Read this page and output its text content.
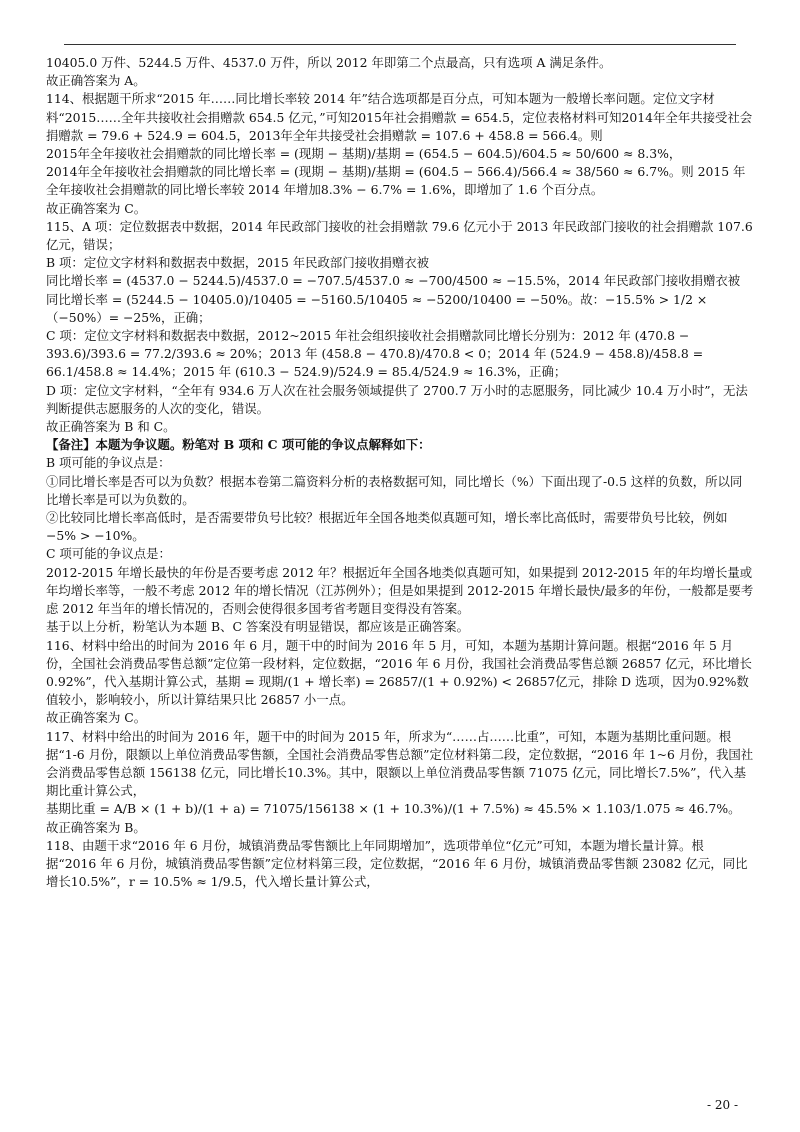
10405.0 万件、5244.5 万件、4537.0 万件，所以 2012 年即第二个点最高，只有选项 A 满足条件。

故正确答案为 A。

114、根据题干所求“2015 年……同比增长率较 2014 年”结合选项都是百分点，可知本题为一般增长率问题。定位文字材料“2015……全年共接收社会捐赠款 654.5 亿元，”可知2015年社会捐赠款 = 654.5，定位表格材料可知2014年全年共接受社会捐赠款 = 79.6 + 524.9 = 604.5，2013年全年共接受社会捐赠款 = 107.6 + 458.8 = 566.4。则

2015年全年接收社会捐赠款的同比增长率 = (现期 − 基期)/基期 = (654.5 − 604.5)/604.5 ≈ 50/600 ≈ 8.3%，

2014年全年接收社会捐赠款的同比增长率 = (现期 − 基期)/基期 = (604.5 − 566.4)/566.4 ≈ 38/560 ≈ 6.7%。则 2015 年全年接收社会捐赠款的同比增长率较 2014 年增加8.3% − 6.7% = 1.6%，即增加了 1.6 个百分点。

故正确答案为 C。

115、A 项：定位数据表中数据，2014 年民政部门接收的社会捐赠款 79.6 亿元小于 2013 年民政部门接收的社会捐赠款 107.6 亿元，错误；

B 项：定位文字材料和数据表中数据，2015 年民政部门接收捐赠衣被

同比增长率 = (4537.0 − 5244.5)/4537.0 = −707.5/4537.0 ≈ −700/4500 ≈ −15.5%，2014 年民政部门接收捐赠衣被

同比增长率 = (5244.5 − 10405.0)/10405 = −5160.5/10405 ≈ −5200/10400 = −50%。故：−15.5% > 1/2 ×（−50%）= −25%，正确；

C 项：定位文字材料和数据表中数据，2012~2015 年社会组织接收社会捐赠款同比增长分别为：2012 年 (470.8 − 393.6)/393.6 = 77.2/393.6 ≈ 20%；2013 年 (458.8 − 470.8)/470.8 < 0；2014 年 (524.9 − 458.8)/458.8 = 66.1/458.8 ≈ 14.4%；2015 年 (610.3 − 524.9)/524.9 = 85.4/524.9 ≈ 16.3%，正确；

D 项：定位文字材料，“全年有 934.6 万人次在社会服务领域提供了 2700.7 万小时的志愿服务，同比减少 10.4 万小时”，无法判断提供志愿服务的人次的变化，错误。

故正确答案为 B 和 C。

【备注】本题为争议题。粉笔对 B 项和 C 项可能的争议点解释如下：

B 项可能的争议点是：

①同比增长率是否可以为负数？根据本卷第二篇资料分析的表格数据可知，同比增长（%）下面出现了-0.5 这样的负数，所以同比增长率是可以为负数的。

②比较同比增长率高低时，是否需要带负号比较？根据近年全国各地类似真题可知，增长率比高低时，需要带负号比较，例如−5% > −10%。

C 项可能的争议点是：

2012-2015 年增长最快的年份是否要考虑 2012 年？根据近年全国各地类似真题可知，如果提到 2012-2015 年的年均增长量或年均增长率等，一般不考虑 2012 年的增长情况（江苏例外）；但是如果提到 2012-2015 年增长最快/最多的年份，一般都是要考虑 2012 年当年的增长情况的，否则会使得很多国考省考题目变得没有答案。

基于以上分析，粉笔认为本题 B、C 答案没有明显错误，都应该是正确答案。

116、材料中给出的时间为 2016 年 6 月，题干中的时间为 2016 年 5 月，可知，本题为基期计算问题。根据“2016 年 5 月份，全国社会消费品零售总额”定位第一段材料，定位数据，“2016 年 6 月份，我国社会消费品零售总额 26857 亿元，环比增长0.92%”，代入基期计算公式，基期 = 现期/(1 + 增长率) = 26857/(1 + 0.92%) < 26857亿元，排除 D 选项，因为0.92%数值较小，影响较小，所以计算结果只比 26857 小一点。

故正确答案为 C。

117、材料中给出的时间为 2016 年，题干中的时间为 2015 年，所求为“……占……比重”，可知，本题为基期比重问题。根据“1-6 月份，限额以上单位消费品零售额，全国社会消费品零售总额”定位材料第二段，定位数据，“2016 年 1~6 月份，我国社会消费品零售总额 156138 亿元，同比增长10.3%。其中，限额以上单位消费品零售额 71075 亿元，同比增长7.5%”，代入基期比重计算公式，

基期比重 = A/B × (1 + b)/(1 + a) = 71075/156138 × (1 + 10.3%)/(1 + 7.5%) ≈ 45.5% × 1.103/1.075 ≈ 46.7%。

故正确答案为 B。

118、由题干求“2016 年 6 月份，城镇消费品零售额比上年同期增加”，选项带单位“亿元”可知，本题为增长量计算。根据“2016 年 6 月份，城镇消费品零售额”定位材料第三段，定位数据，“2016 年 6 月份，城镇消费品零售额 23082 亿元，同比增长10.5%”，r = 10.5% ≈ 1/9.5，代入增长量计算公式，

- 20 -
